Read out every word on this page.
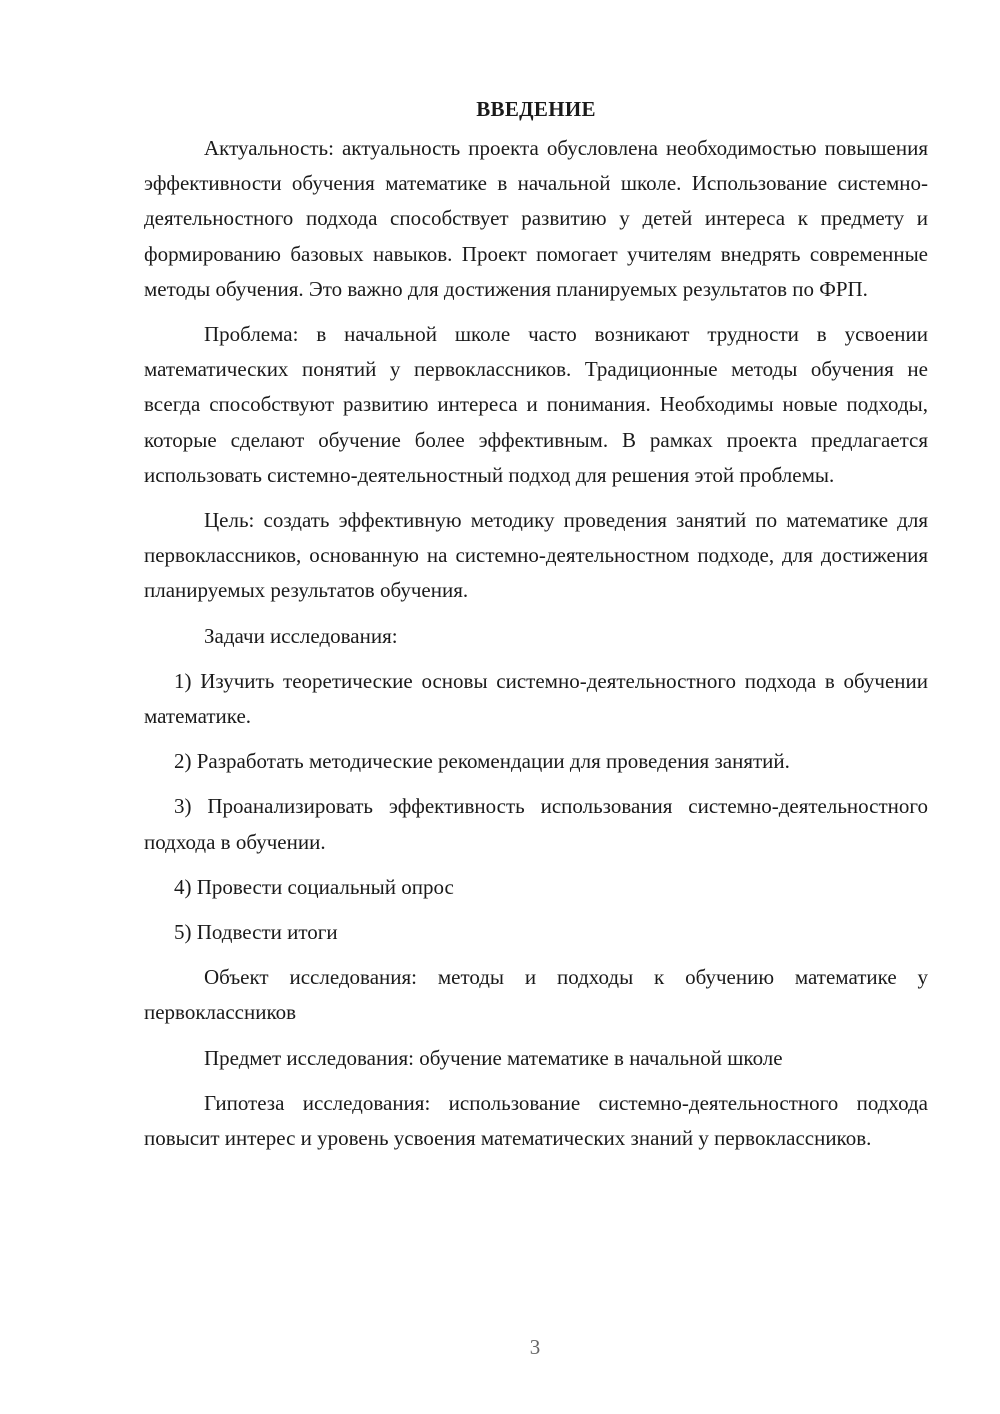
ВВЕДЕНИЕ

Актуальность: актуальность проекта обусловлена необходимостью повышения эффективности обучения математике в начальной школе. Использование системно-деятельностного подхода способствует развитию у детей интереса к предмету и формированию базовых навыков. Проект помогает учителям внедрять современные методы обучения. Это важно для достижения планируемых результатов по ФРП.

Проблема: в начальной школе часто возникают трудности в усвоении математических понятий у первоклассников. Традиционные методы обучения не всегда способствуют развитию интереса и понимания. Необходимы новые подходы, которые сделают обучение более эффективным. В рамках проекта предлагается использовать системно-деятельностный подход для решения этой проблемы.

Цель: создать эффективную методику проведения занятий по математике для первоклассников, основанную на системно-деятельностном подходе, для достижения планируемых результатов обучения.

Задачи исследования:

1) Изучить теоретические основы системно-деятельностного подхода в обучении математике.

2) Разработать методические рекомендации для проведения занятий.

3) Проанализировать эффективность использования системно-деятельностного подхода в обучении.

4) Провести социальный опрос

5) Подвести итоги

Объект исследования: методы и подходы к обучению математике у первоклассников

Предмет исследования: обучение математике в начальной школе

Гипотеза исследования: использование системно-деятельностного подхода повысит интерес и уровень усвоения математических знаний у первоклассников.

3
